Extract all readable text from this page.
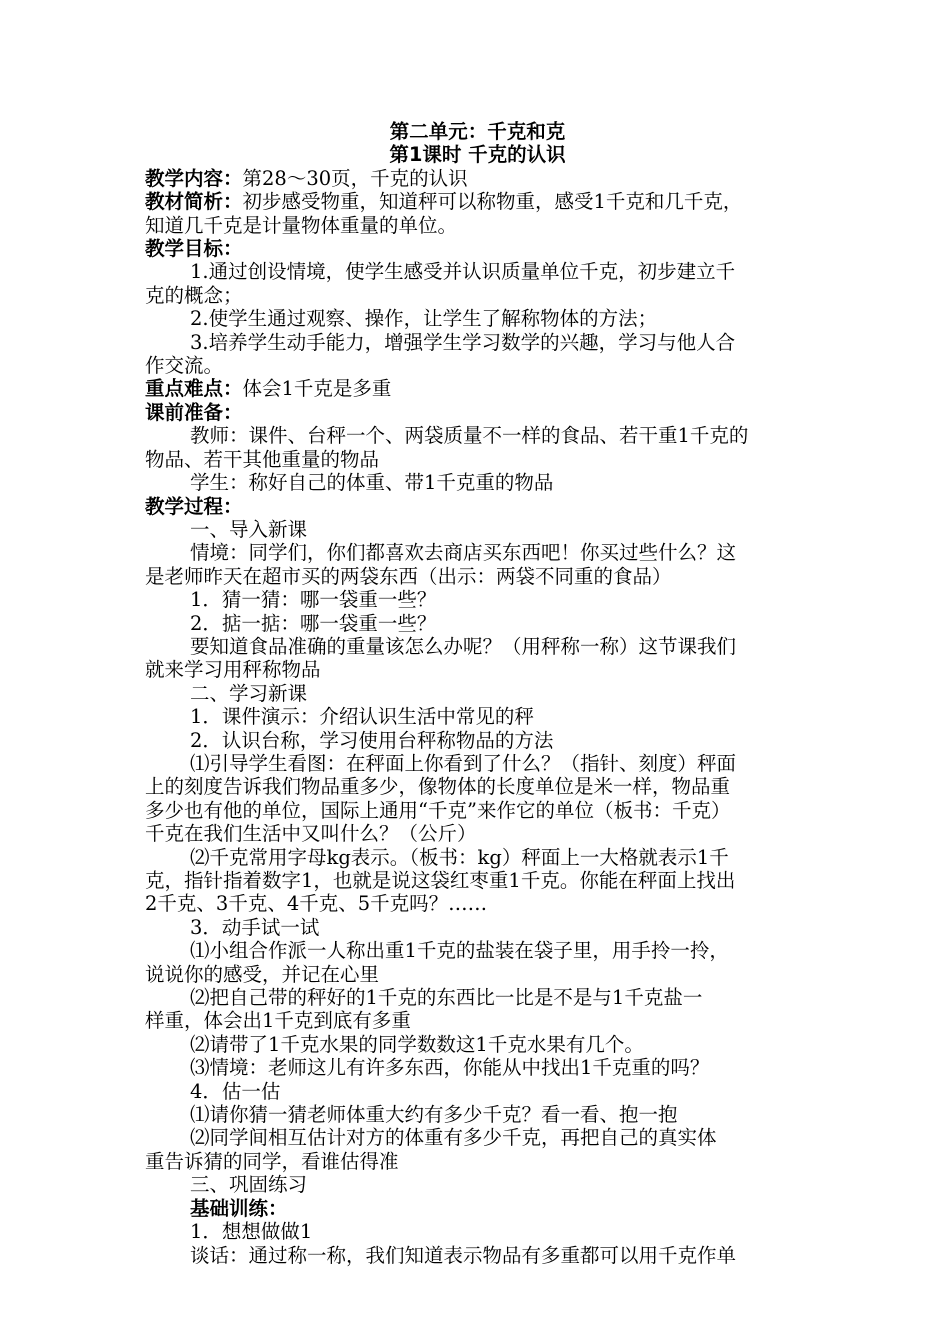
第二单元：千克和克
第1课时 千克的认识
教学内容：第28～30页，千克的认识
教材简析：初步感受物重，知道秤可以称物重，感受1千克和几千克，
知道几千克是计量物体重量的单位。
教学目标：
1.通过创设情境，使学生感受并认识质量单位千克，初步建立千
克的概念；
2.使学生通过观察、操作，让学生了解称物体的方法；
3.培养学生动手能力，增强学生学习数学的兴趣，学习与他人合
作交流。
重点难点：体会1千克是多重
课前准备：
教师：课件、台秤一个、两袋质量不一样的食品、若干重1千克的
物品、若干其他重量的物品
学生：称好自己的体重、带1千克重的物品
教学过程：
一、导入新课
情境：同学们，你们都喜欢去商店买东西吧！你买过些什么？这
是老师昨天在超市买的两袋东西（出示：两袋不同重的食品）
1．猜一猜：哪一袋重一些？
2．掂一掂：哪一袋重一些？
要知道食品准确的重量该怎么办呢？（用秤称一称）这节课我们
就来学习用秤称物品
二、学习新课
1．课件演示：介绍认识生活中常见的秤
2．认识台称，学习使用台秤称物品的方法
⑴引导学生看图：在秤面上你看到了什么？（指针、刻度）秤面
上的刻度告诉我们物品重多少，像物体的长度单位是米一样，物品重
多少也有他的单位，国际上通用“千克”来作它的单位（板书：千克）
千克在我们生活中又叫什么？（公斤）
⑵千克常用字母kg表示。（板书：kg）秤面上一大格就表示1千
克，指针指着数字1，也就是说这袋红枣重1千克。你能在秤面上找出
2千克、3千克、4千克、5千克吗？……
3．动手试一试
⑴小组合作派一人称出重1千克的盐装在袋子里，用手拎一拎，
说说你的感受，并记在心里
⑵把自己带的秤好的1千克的东西比一比是不是与1千克盐一
样重，体会出1千克到底有多重
⑵请带了1千克水果的同学数数这1千克水果有几个。
⑶情境：老师这儿有许多东西，你能从中找出1千克重的吗？
4．估一估
⑴请你猜一猜老师体重大约有多少千克？看一看、抱一抱
⑵同学间相互估计对方的体重有多少千克，再把自己的真实体
重告诉猜的同学，看谁估得准
三、巩固练习
基础训练：
1．想想做做1
谈话：通过称一称，我们知道表示物品有多重都可以用千克作单
